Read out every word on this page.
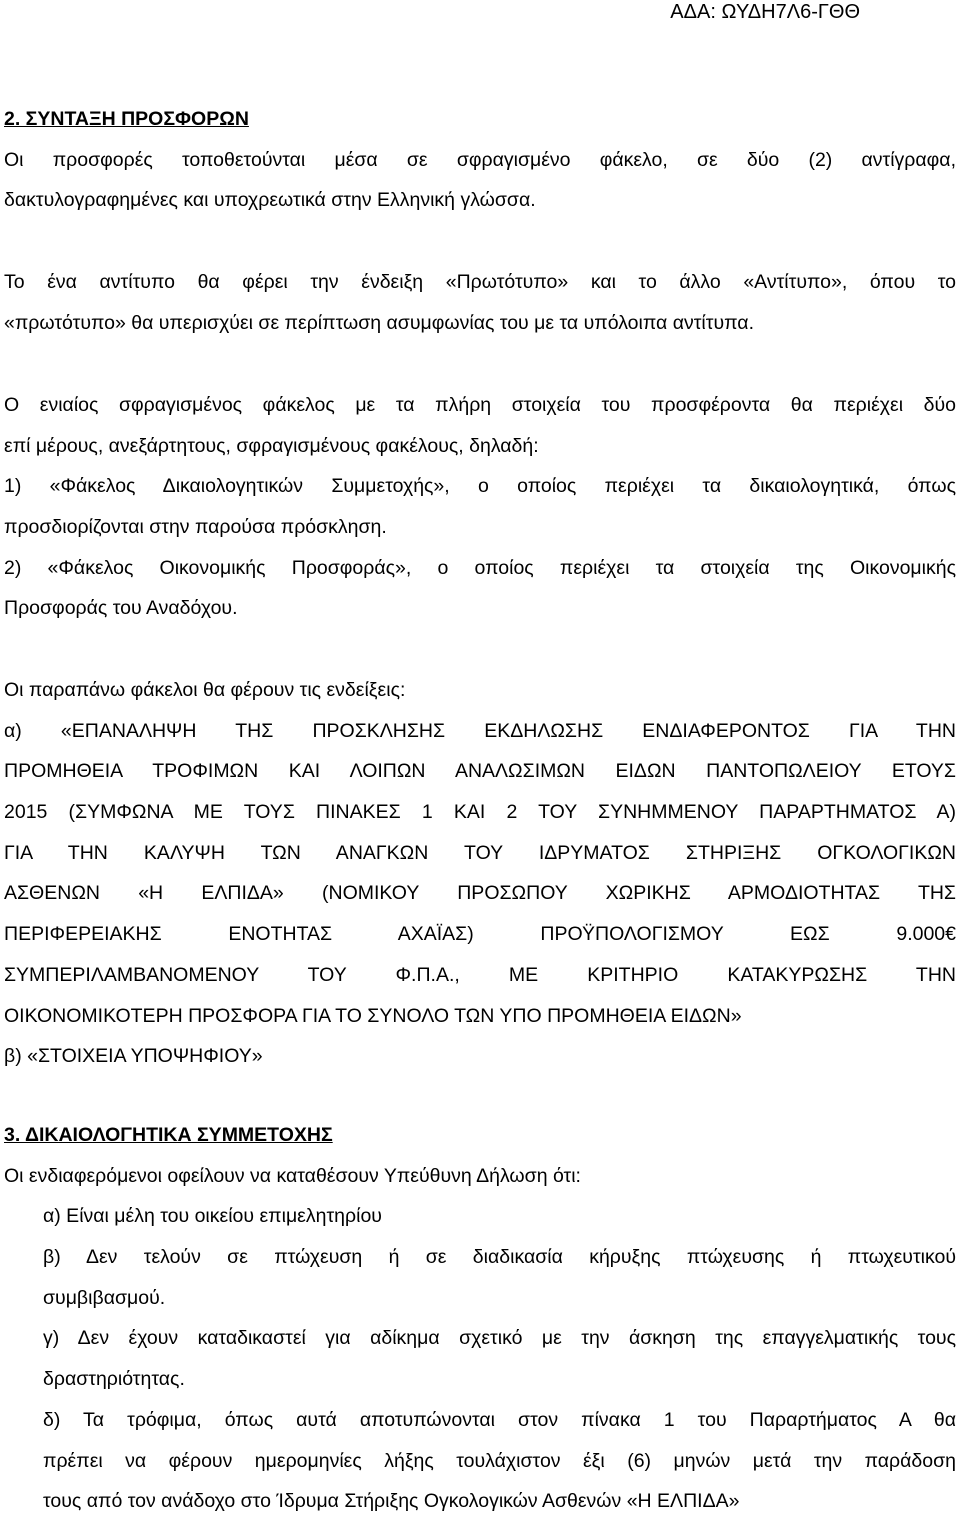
ΑΔΑ: ΩΥΔΗ7Λ6-ΓΘΘ
2. ΣΥΝΤΑΞΗ ΠΡΟΣΦΟΡΩΝ
Οι προσφορές τοποθετούνται μέσα σε σφραγισμένο φάκελο, σε δύο (2) αντίγραφα,
δακτυλογραφημένες και υποχρεωτικά στην Ελληνική γλώσσα.
Το ένα αντίτυπο θα φέρει την ένδειξη «Πρωτότυπο» και το άλλο «Αντίτυπο», όπου το
«πρωτότυπο» θα υπερισχύει σε περίπτωση ασυμφωνίας του με τα υπόλοιπα αντίτυπα.
Ο ενιαίος σφραγισμένος φάκελος με τα πλήρη στοιχεία του προσφέροντα θα περιέχει δύο
επί μέρους, ανεξάρτητους, σφραγισμένους φακέλους, δηλαδή:
1) «Φάκελος Δικαιολογητικών Συμμετοχής», ο οποίος περιέχει τα δικαιολογητικά, όπως
προσδιορίζονται στην παρούσα πρόσκληση.
2) «Φάκελος Οικονομικής Προσφοράς», ο οποίος περιέχει τα στοιχεία της Οικονομικής
Προσφοράς του Αναδόχου.
Οι παραπάνω φάκελοι θα φέρουν τις ενδείξεις:
α) «ΕΠΑΝΑΛΗΨΗ ΤΗΣ ΠΡΟΣΚΛΗΣΗΣ ΕΚΔΗΛΩΣΗΣ ΕΝΔΙΑΦΕΡΟΝΤΟΣ ΓΙΑ ΤΗΝ
ΠΡΟΜΗΘΕΙΑ ΤΡΟΦΙΜΩΝ ΚΑΙ ΛΟΙΠΩΝ ΑΝΑΛΩΣΙΜΩΝ ΕΙΔΩΝ ΠΑΝΤΟΠΩΛΕΙΟΥ ΕΤΟΥΣ
2015 (ΣΥΜΦΩΝΑ ΜΕ ΤΟΥΣ ΠΙΝΑΚΕΣ 1 ΚΑΙ 2 ΤΟΥ ΣΥΝΗΜΜΕΝΟΥ ΠΑΡΑΡΤΗΜΑΤΟΣ Α)
ΓΙΑ ΤΗΝ ΚΑΛΥΨΗ ΤΩΝ ΑΝΑΓΚΩΝ ΤΟΥ ΙΔΡΥΜΑΤΟΣ ΣΤΗΡΙΞΗΣ ΟΓΚΟΛΟΓΙΚΩΝ
ΑΣΘΕΝΩΝ «Η ΕΛΠΙΔΑ» (ΝΟΜΙΚΟΥ ΠΡΟΣΩΠΟΥ ΧΩΡΙΚΗΣ ΑΡΜΟΔΙΟΤΗΤΑΣ ΤΗΣ
ΠΕΡΙΦΕΡΕΙΑΚΗΣ ΕΝΟΤΗΤΑΣ ΑΧΑΪΑΣ) ΠΡΟΫΠΟΛΟΓΙΣΜΟΥ ΕΩΣ 9.000€
ΣΥΜΠΕΡΙΛΑΜΒΑΝΟΜΕΝΟΥ ΤΟΥ Φ.Π.Α., ΜΕ ΚΡΙΤΗΡΙΟ ΚΑΤΑΚΥΡΩΣΗΣ ΤΗΝ
ΟΙΚΟΝΟΜΙΚΟΤΕΡΗ ΠΡΟΣΦΟΡΑ ΓΙΑ ΤΟ ΣΥΝΟΛΟ ΤΩΝ ΥΠΟ ΠΡΟΜΗΘΕΙΑ ΕΙΔΩΝ»
β) «ΣΤΟΙΧΕΙΑ ΥΠΟΨΗΦΙΟΥ»
3. ΔΙΚΑΙΟΛΟΓΗΤΙΚΑ ΣΥΜΜΕΤΟΧΗΣ
Οι ενδιαφερόμενοι οφείλουν να καταθέσουν Υπεύθυνη Δήλωση ότι:
α) Είναι μέλη του οικείου επιμελητηρίου
β) Δεν τελούν σε πτώχευση ή σε διαδικασία κήρυξης πτώχευσης ή πτωχευτικού
συμβιβασμού.
γ) Δεν έχουν καταδικαστεί για αδίκημα σχετικό με την άσκηση της επαγγελματικής τους
δραστηριότητας.
δ) Τα τρόφιμα, όπως αυτά αποτυπώνονται στον πίνακα 1 του Παραρτήματος Α θα
πρέπει να φέρουν ημερομηνίες λήξης τουλάχιστον έξι (6) μηνών μετά την παράδοση
τους από τον ανάδοχο στο Ίδρυμα Στήριξης Ογκολογικών Ασθενών «Η ΕΛΠΙΔΑ»
